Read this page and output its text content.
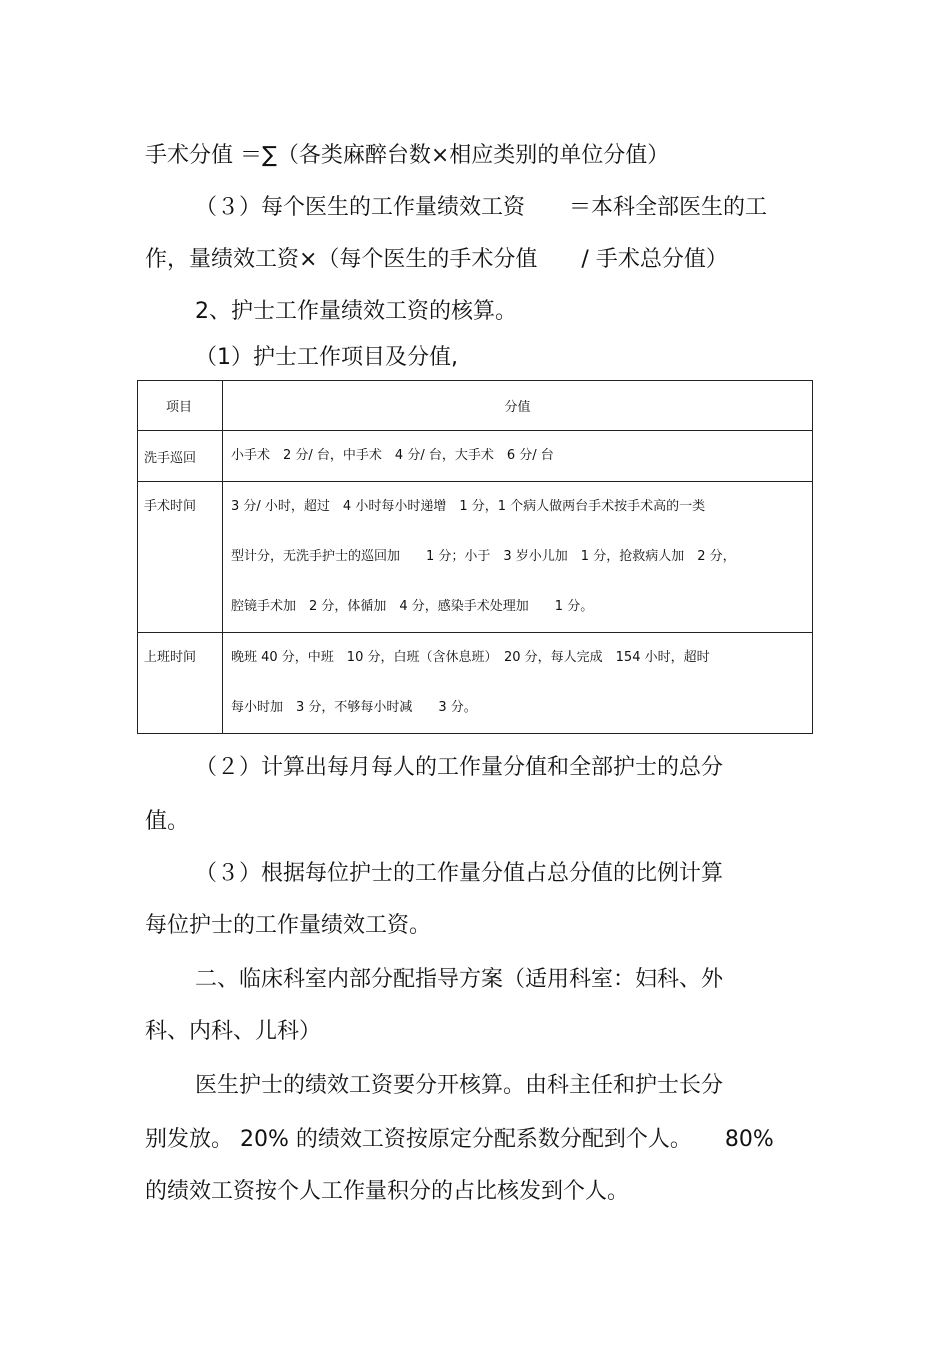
手术分值 ＝∑（各类麻醉台数×相应类别的单位分值）
（３）每个医生的工作量绩效工资　　＝本科全部医生的工
作，量绩效工资×（每个医生的手术分值　　/ 手术总分值）
2、护士工作量绩效工资的核算。
（1）护士工作项目及分值,
项目	分值
洗手巡回	小手术　2 分/ 台，中手术　4 分/ 台，大手术　6 分/ 台

手术时间	3 分/ 小时，超过　4 小时每小时递增　1 分，1 个病人做两台手术按手术高的一类

型计分，无洗手护士的巡回加　　1 分；小于　3 岁小儿加　1 分，抢救病人加　2 分，

腔镜手术加　2 分，体循加　4 分，感染手术处理加　　1 分。

上班时间	晚班 40 分，中班　10 分，白班（含休息班）　20 分，每人完成　154 小时，超时

每小时加　3 分，不够每小时减　　3 分。

（２）计算出每月每人的工作量分值和全部护士的总分
值。
（３）根据每位护士的工作量分值占总分值的比例计算
每位护士的工作量绩效工资。
二、临床科室内部分配指导方案（适用科室：妇科、外
科、内科、儿科）
医生护士的绩效工资要分开核算。由科主任和护士长分
别发放。 20% 的绩效工资按原定分配系数分配到个人。　　80%
的绩效工资按个人工作量积分的占比核发到个人。
